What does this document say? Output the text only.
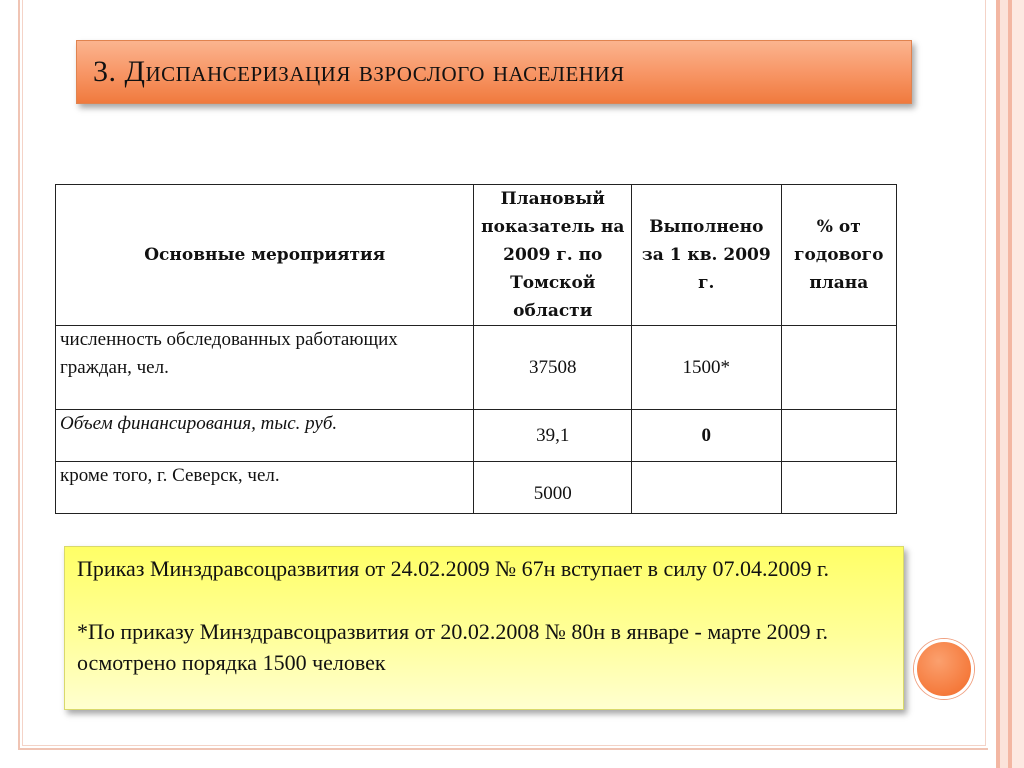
3. Диспансеризация взрослого населения
Основные мероприятия	Плановый показатель на 2009 г. по Томской области	Выполнено за 1 кв. 2009 г.	% от годового плана
численность обследованных работающих граждан, чел.	37508	1500*	
Объем финансирования, тыс. руб.	39,1	0	
кроме того, г. Северск, чел.	5000		

Приказ Минздравсоцразвития от 24.02.2009 № 67н вступает в силу 07.04.2009 г.

*По приказу Минздравсоцразвития от 20.02.2008 № 80н в январе - марте 2009 г. осмотрено порядка 1500 человек
